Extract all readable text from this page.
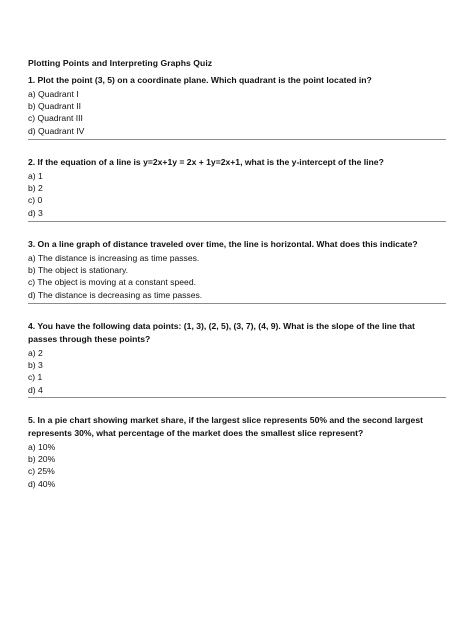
Plotting Points and Interpreting Graphs Quiz
1. Plot the point (3, 5) on a coordinate plane. Which quadrant is the point located in?
a) Quadrant I
b) Quadrant II
c) Quadrant III
d) Quadrant IV
2. If the equation of a line is y=2x+1y = 2x + 1y=2x+1, what is the y-intercept of the line?
a) 1
b) 2
c) 0
d) 3
3. On a line graph of distance traveled over time, the line is horizontal. What does this indicate?
a) The distance is increasing as time passes.
b) The object is stationary.
c) The object is moving at a constant speed.
d) The distance is decreasing as time passes.
4. You have the following data points: (1, 3), (2, 5), (3, 7), (4, 9). What is the slope of the line that passes through these points?
a) 2
b) 3
c) 1
d) 4
5. In a pie chart showing market share, if the largest slice represents 50% and the second largest represents 30%, what percentage of the market does the smallest slice represent?
a) 10%
b) 20%
c) 25%
d) 40%
